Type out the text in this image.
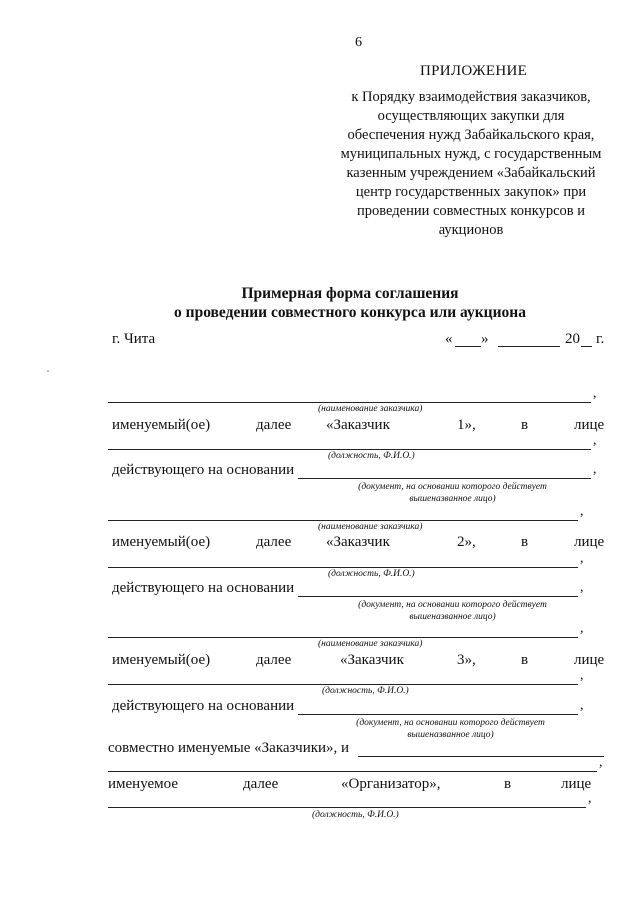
6
ПРИЛОЖЕНИЕ
к Порядку взаимодействия заказчиков,
осуществляющих закупки для
обеспечения нужд Забайкальского края,
муниципальных нужд, с государственным
казенным учреждением «Забайкальский
центр государственных закупок» при
проведении совместных конкурсов и
аукционов
Примерная форма соглашения
о проведении совместного конкурса или аукциона
г. Чита	« »	20 г.
,
(наименование заказчика)
именуемый(ое)	далее «Заказчик	1»,	в	лице
,
(должность, Ф.И.О.)
действующего на основании	,
(документ, на основании которого действует
вышеназванное лицо)
,
(наименование заказчика)
именуемый(ое)	далее «Заказчик	2»,	в	лице
,
(должность, Ф.И.О.)
действующего на основании	,
(документ, на основании которого действует
вышеназванное лицо)
,
(наименование заказчика)
именуемый(ое)	далее	«Заказчик	3»,	в	лице
,
(должность, Ф.И.О.)
действующего на основании	,
(документ, на основании которого действует
вышеназванное лицо)
совместно именуемые «Заказчики», и
,
именуемое	далее	«Организатор»,	в	лице
,
(должность, Ф.И.О.)
